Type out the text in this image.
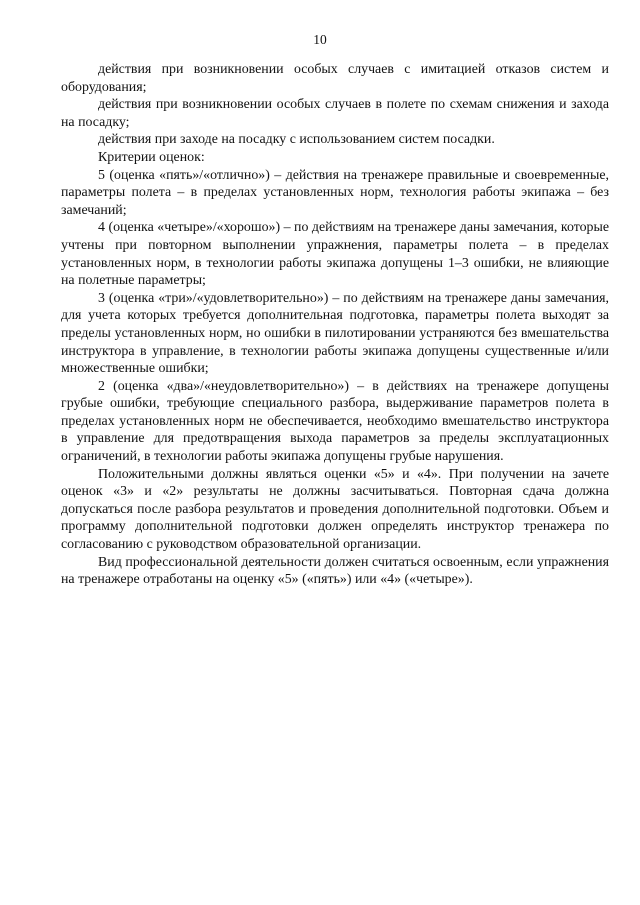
10

действия при возникновении особых случаев с имитацией отказов систем и оборудования;

действия при возникновении особых случаев в полете по схемам снижения и захода на посадку;

действия при заходе на посадку с использованием систем посадки.

Критерии оценок:

5 (оценка «пять»/«отлично») – действия на тренажере правильные и своевременные, параметры полета – в пределах установленных норм, технология работы экипажа – без замечаний;

4 (оценка «четыре»/«хорошо») – по действиям на тренажере даны замечания, которые учтены при повторном выполнении упражнения, параметры полета – в пределах установленных норм, в технологии работы экипажа допущены 1–3 ошибки, не влияющие на полетные параметры;

3 (оценка «три»/«удовлетворительно») – по действиям на тренажере даны замечания, для учета которых требуется дополнительная подготовка, параметры полета выходят за пределы установленных норм, но ошибки в пилотировании устраняются без вмешательства инструктора в управление, в технологии работы экипажа допущены существенные и/или множественные ошибки;

2 (оценка «два»/«неудовлетворительно») – в действиях на тренажере допущены грубые ошибки, требующие специального разбора, выдерживание параметров полета в пределах установленных норм не обеспечивается, необходимо вмешательство инструктора в управление для предотвращения выхода параметров за пределы эксплуатационных ограничений, в технологии работы экипажа допущены грубые нарушения.

Положительными должны являться оценки «5» и «4». При получении на зачете оценок «3» и «2» результаты не должны засчитываться. Повторная сдача должна допускаться после разбора результатов и проведения дополнительной подготовки. Объем и программу дополнительной подготовки должен определять инструктор тренажера по согласованию с руководством образовательной организации.

Вид профессиональной деятельности должен считаться освоенным, если упражнения на тренажере отработаны на оценку «5» («пять») или «4» («четыре»).
